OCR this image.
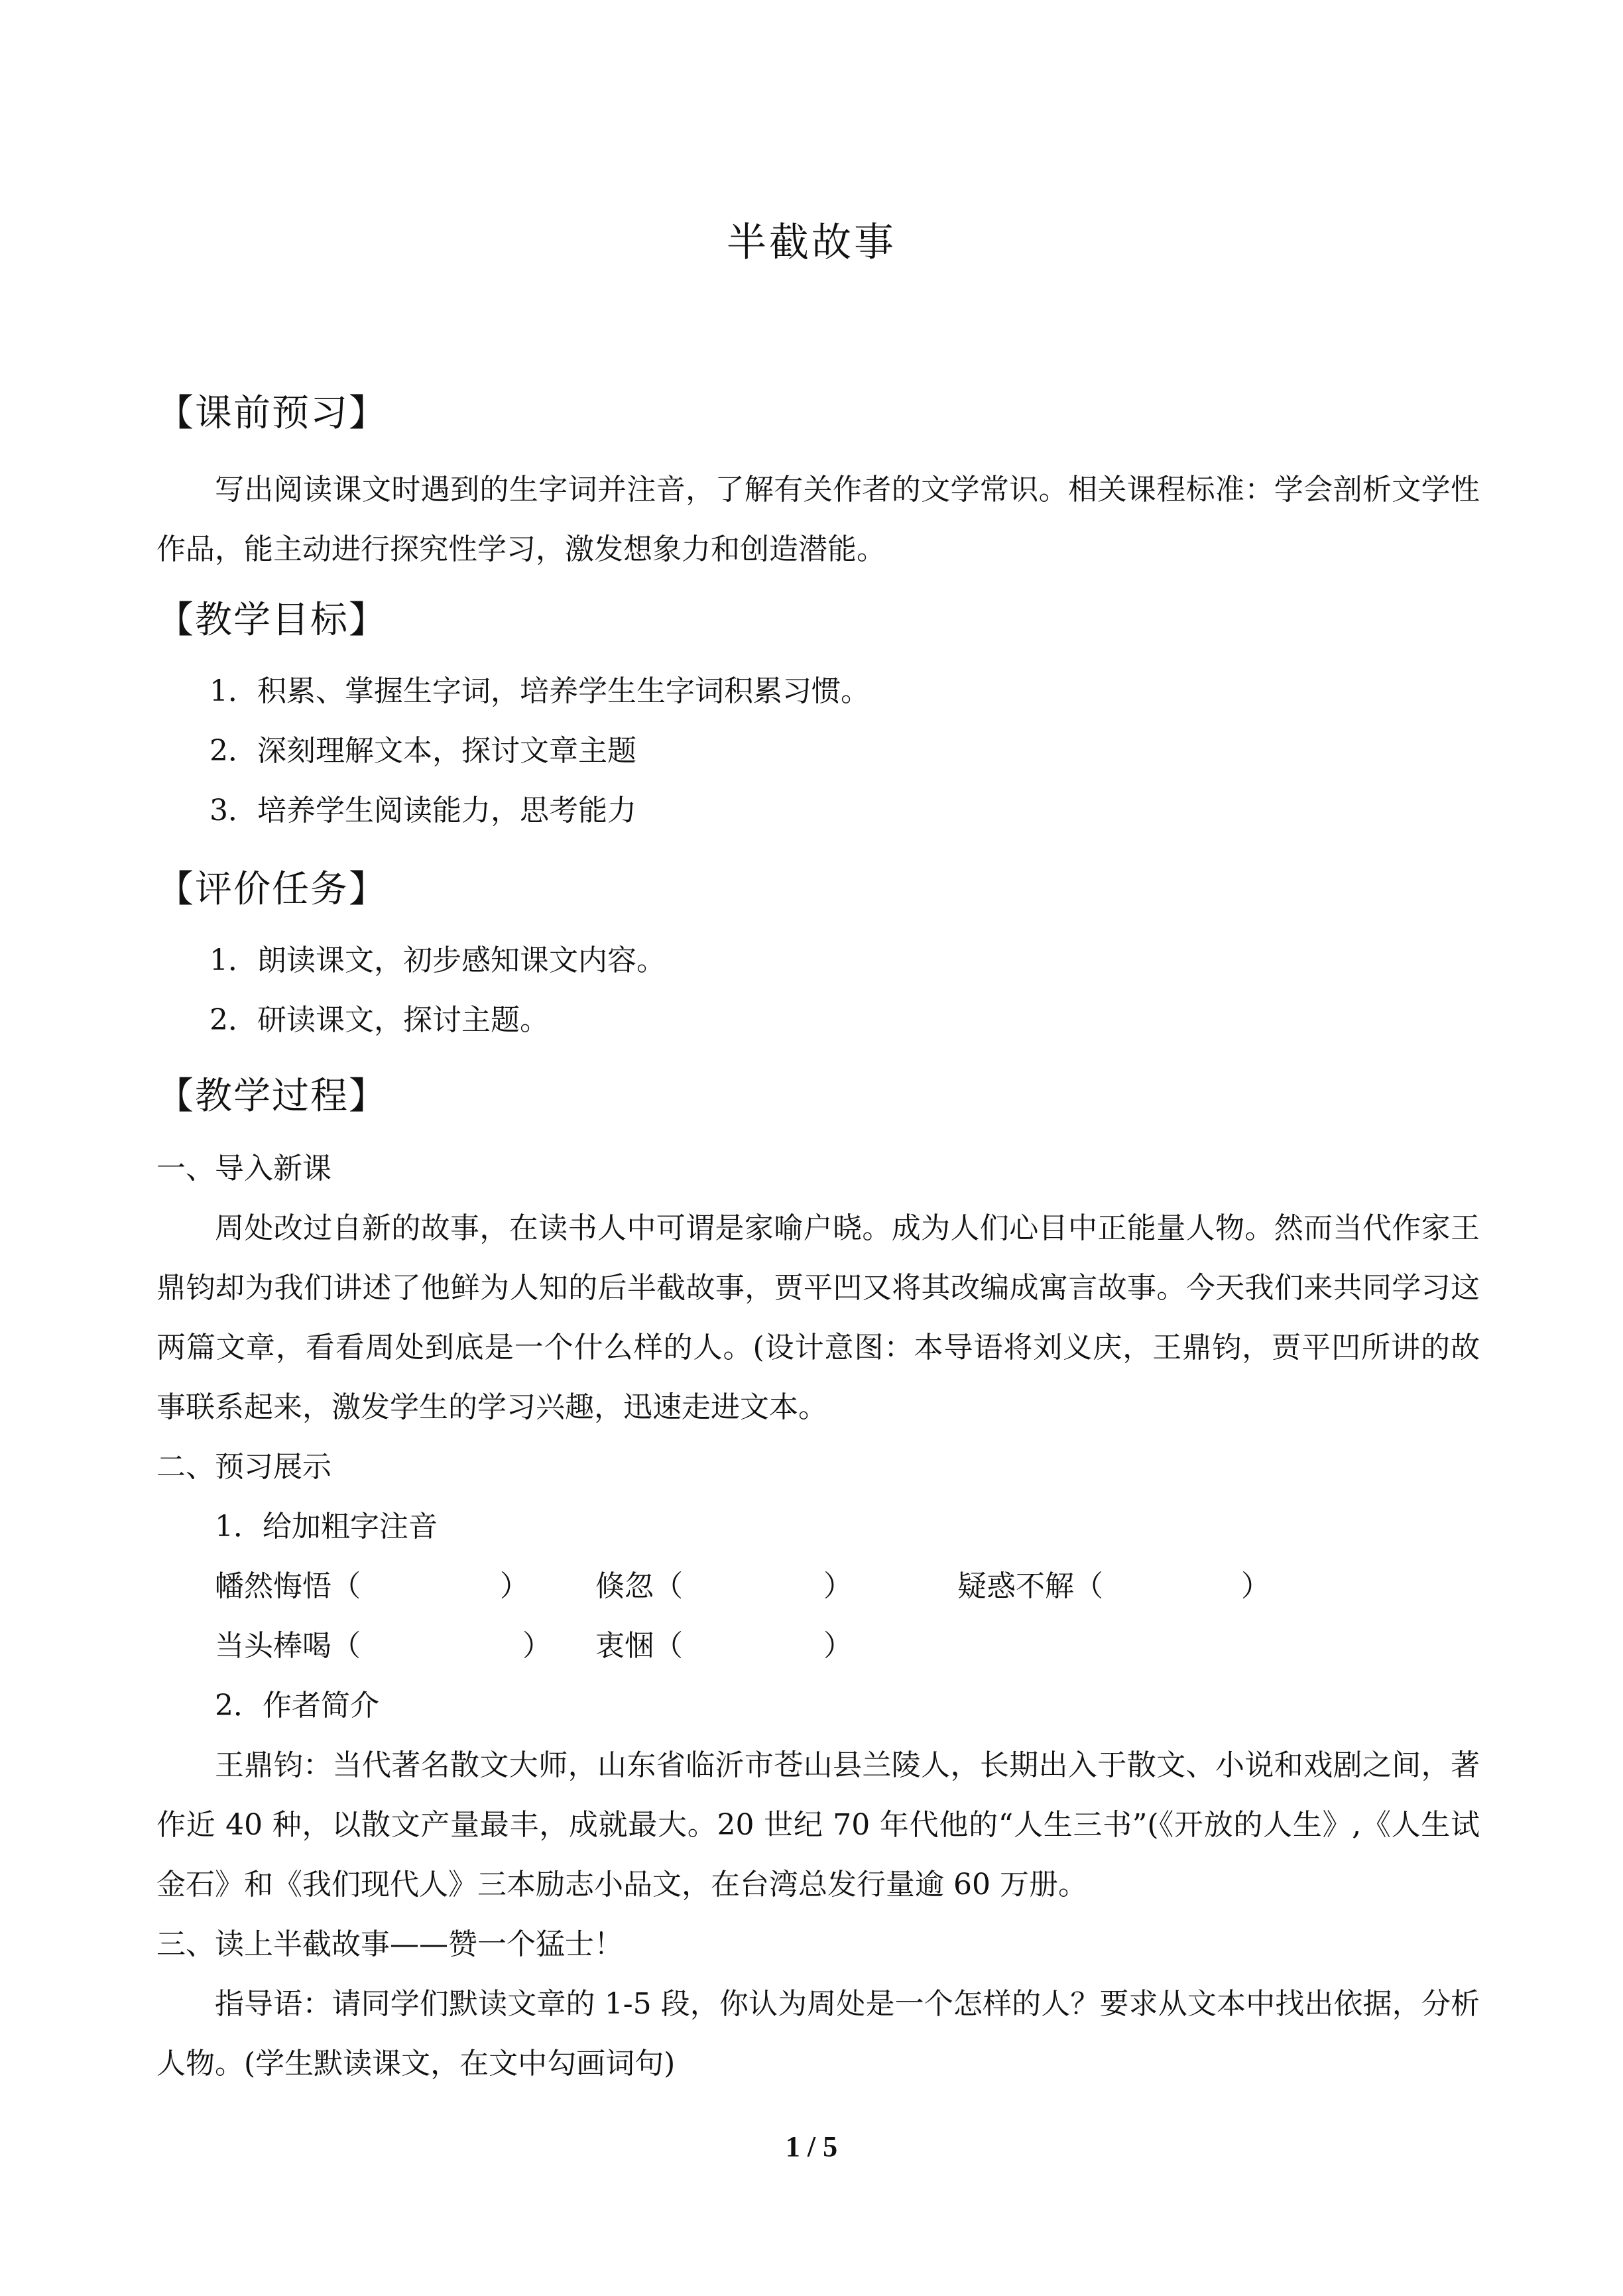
半截故事
【课前预习】

写出阅读课文时遇到的生字词并注音，了解有关作者的文学常识。相关课程标准：学会剖析文学性作品，能主动进行探究性学习，激发想象力和创造潜能。

【教学目标】

1．积累、掌握生字词，培养学生生字词积累习惯。

2．深刻理解文本，探讨文章主题

3．培养学生阅读能力，思考能力

【评价任务】

1．朗读课文，初步感知课文内容。

2．研读课文，探讨主题。

【教学过程】

一、导入新课

周处改过自新的故事，在读书人中可谓是家喻户晓。成为人们心目中正能量人物。然而当代作家王鼎钧却为我们讲述了他鲜为人知的后半截故事，贾平凹又将其改编成寓言故事。今天我们来共同学习这两篇文章，看看周处到底是一个什么样的人。(设计意图：本导语将刘义庆，王鼎钧，贾平凹所讲的故事联系起来，激发学生的学习兴趣，迅速走进文本。

二、预习展示

1．给加粗字注音

幡然悔悟（	） 倏忽（	）	疑惑不解（	）
当头棒喝（	） 衷悃（	）

2．作者简介

王鼎钧：当代著名散文大师，山东省临沂市苍山县兰陵人，长期出入于散文、小说和戏剧之间，著作近 40 种，以散文产量最丰，成就最大。20 世纪 70 年代他的“人生三书”(《开放的人生》,《人生试金石》和《我们现代人》三本励志小品文，在台湾总发行量逾 60 万册。

三、读上半截故事——赞一个猛士！

指导语：请同学们默读文章的 1-5 段，你认为周处是一个怎样的人？要求从文本中找出依据，分析人物。(学生默读课文，在文中勾画词句)

1 / 5
